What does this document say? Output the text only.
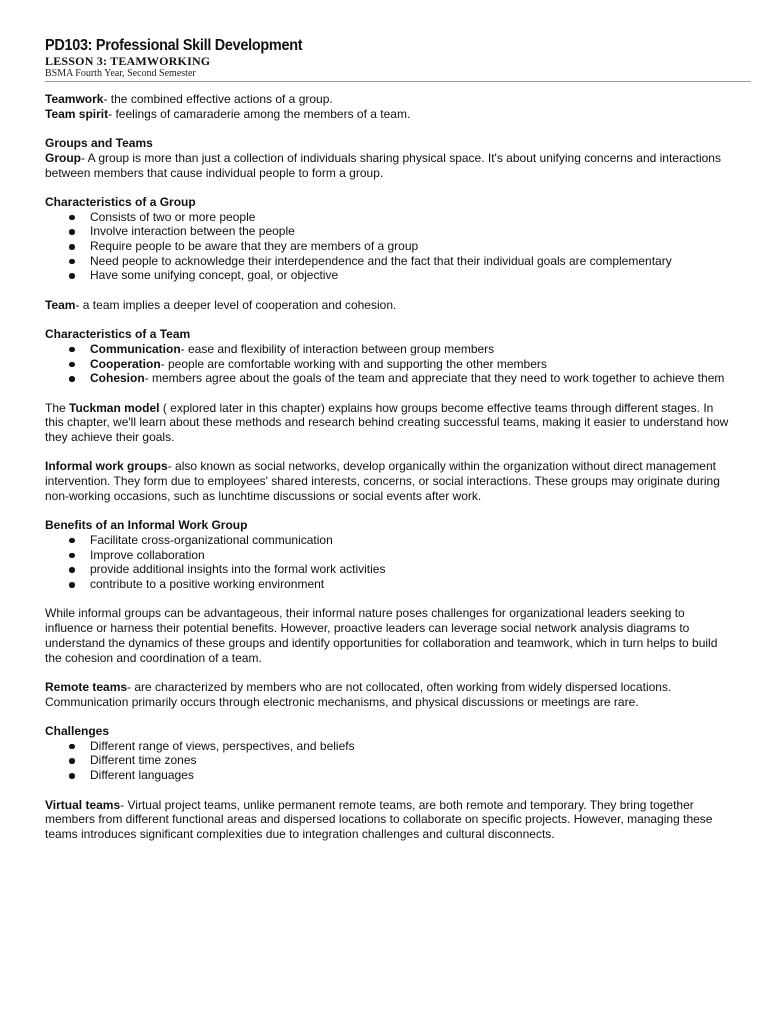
PD103: Professional Skill Development
LESSON 3: TEAMWORKING
BSMA Fourth Year, Second Semester

Teamwork- the combined effective actions of a group.

Team spirit- feelings of camaraderie among the members of a team.

Groups and Teams

Group- A group is more than just a collection of individuals sharing physical space. It's about unifying concerns and interactions between members that cause individual people to form a group.

Characteristics of a Group

Consists of two or more people
Involve interaction between the people
Require people to be aware that they are members of a group
Need people to acknowledge their interdependence and the fact that their individual goals are complementary
Have some unifying concept, goal, or objective

Team- a team implies a deeper level of cooperation and cohesion.

Characteristics of a Team

Communication- ease and flexibility of interaction between group members
Cooperation- people are comfortable working with and supporting the other members
Cohesion- members agree about the goals of the team and appreciate that they need to work together to achieve them

The Tuckman model ( explored later in this chapter) explains how groups become effective teams through different stages. In this chapter, we'll learn about these methods and research behind creating successful teams, making it easier to understand how they achieve their goals.

Informal work groups- also known as social networks, develop organically within the organization without direct management intervention. They form due to employees' shared interests, concerns, or social interactions. These groups may originate during non-working occasions, such as lunchtime discussions or social events after work.

Benefits of an Informal Work Group

Facilitate cross-organizational communication
Improve collaboration
provide additional insights into the formal work activities
contribute to a positive working environment

While informal groups can be advantageous, their informal nature poses challenges for organizational leaders seeking to influence or harness their potential benefits. However, proactive leaders can leverage social network analysis diagrams to understand the dynamics of these groups and identify opportunities for collaboration and teamwork, which in turn helps to build the cohesion and coordination of a team.

Remote teams- are characterized by members who are not collocated, often working from widely dispersed locations. Communication primarily occurs through electronic mechanisms, and physical discussions or meetings are rare.

Challenges

Different range of views, perspectives, and beliefs
Different time zones
Different languages

Virtual teams- Virtual project teams, unlike permanent remote teams, are both remote and temporary. They bring together members from different functional areas and dispersed locations to collaborate on specific projects. However, managing these teams introduces significant complexities due to integration challenges and cultural disconnects.
